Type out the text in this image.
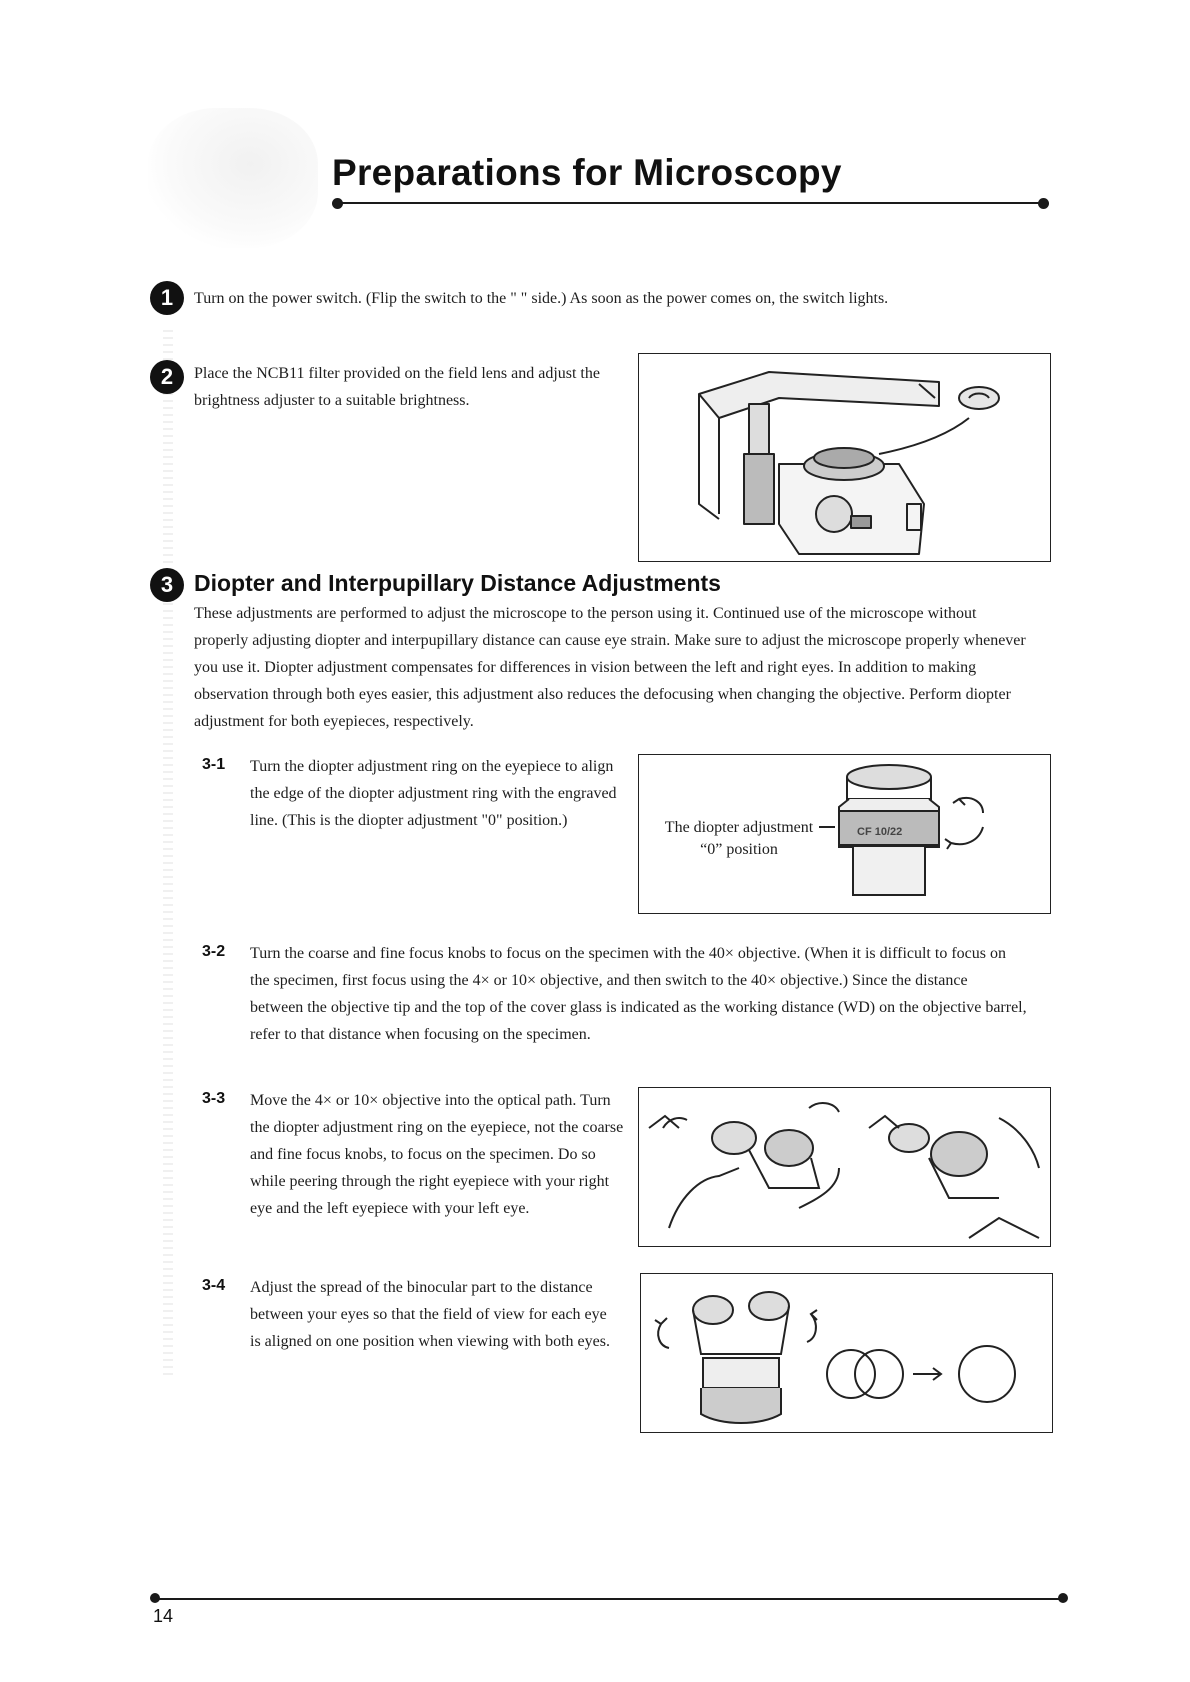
Preparations for Microscopy
1	Turn on the power switch. (Flip the switch to the " " side.) As soon as the power comes on, the switch lights.
2	Place the NCB11 filter provided on the field lens and adjust the
brightness adjuster to a suitable brightness.
3 Diopter and Interpupillary Distance Adjustments
These adjustments are performed to adjust the microscope to the person using it. Continued use of the microscope without
properly adjusting diopter and interpupillary distance can cause eye strain. Make sure to adjust the microscope properly whenever
you use it. Diopter adjustment compensates for differences in vision between the left and right eyes. In addition to making
observation through both eyes easier, this adjustment also reduces the defocusing when changing the objective. Perform diopter
adjustment for both eyepieces, respectively.
3-1 Turn the diopter adjustment ring on the eyepiece to align
the edge of the diopter adjustment ring with the engraved
line. (This is the diopter adjustment "0" position.)	The diopter adjustment
“0” position
CF 10/22
3-2 Turn the coarse and fine focus knobs to focus on the specimen with the 40× objective. (When it is difficult to focus on
the specimen, first focus using the 4× or 10× objective, and then switch to the 40× objective.) Since the distance
between the objective tip and the top of the cover glass is indicated as the working distance (WD) on the objective barrel,
refer to that distance when focusing on the specimen.
3-3 Move the 4× or 10× objective into the optical path. Turn
the diopter adjustment ring on the eyepiece, not the coarse
and fine focus knobs, to focus on the specimen. Do so
while peering through the right eyepiece with your right
eye and the left eyepiece with your left eye.
3-4 Adjust the spread of the binocular part to the distance
between your eyes so that the field of view for each eye
is aligned on one position when viewing with both eyes.
14
